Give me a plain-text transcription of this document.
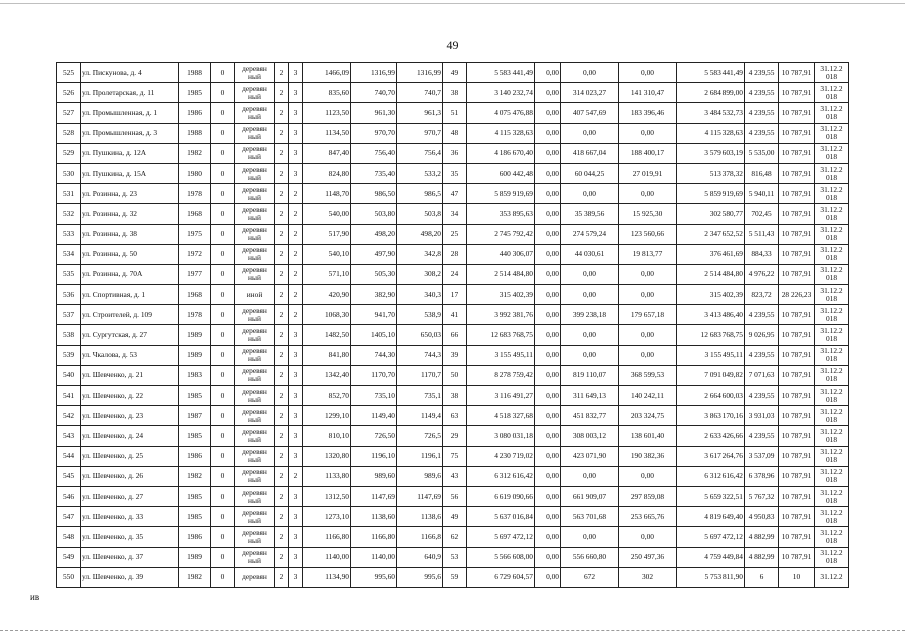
49
525	ул. Пискунова, д. 4	1988	0	деревян ный	2	3	1466,09	1316,99	1316,99	49	5 583 441,49	0,00	0,00	0,00	5 583 441,49	4 239,55	10 787,91	31.12.2 018
526	ул. Пролетарская, д. 11	1985	0	деревян ный	2	3	835,60	740,70	740,7	38	3 140 232,74	0,00	314 023,27	141 310,47	2 684 899,00	4 239,55	10 787,91	31.12.2 018
527	ул. Промышленная, д. 1	1986	0	деревян ный	2	3	1123,50	961,30	961,3	51	4 075 476,88	0,00	407 547,69	183 396,46	3 484 532,73	4 239,55	10 787,91	31.12.2 018
528	ул. Промышленная, д. 3	1988	0	деревян ный	2	3	1134,50	970,70	970,7	48	4 115 328,63	0,00	0,00	0,00	4 115 328,63	4 239,55	10 787,91	31.12.2 018
529	ул. Пушкина, д. 12А	1982	0	деревян ный	2	3	847,40	756,40	756,4	36	4 186 670,40	0,00	418 667,04	188 400,17	3 579 603,19	5 535,00	10 787,91	31.12.2 018
530	ул. Пушкина, д. 15А	1980	0	деревян ный	2	3	824,80	735,40	533,2	35	600 442,48	0,00	60 044,25	27 019,91	513 378,32	816,48	10 787,91	31.12.2 018
531	ул. Розинна, д. 23	1978	0	деревян ный	2	2	1148,70	986,50	986,5	47	5 859 919,69	0,00	0,00	0,00	5 859 919,69	5 940,11	10 787,91	31.12.2 018
532	ул. Розинна, д. 32	1968	0	деревян ный	2	2	540,00	503,80	503,8	34	353 895,63	0,00	35 389,56	15 925,30	302 580,77	702,45	10 787,91	31.12.2 018
533	ул. Розинна, д. 38	1975	0	деревян ный	2	2	517,90	498,20	498,20	25	2 745 792,42	0,00	274 579,24	123 560,66	2 347 652,52	5 511,43	10 787,91	31.12.2 018
534	ул. Розинна, д. 50	1972	0	деревян ный	2	2	540,10	497,90	342,8	28	440 306,07	0,00	44 030,61	19 813,77	376 461,69	884,33	10 787,91	31.12.2 018
535	ул. Розинна, д. 70А	1977	0	деревян ный	2	2	571,10	505,30	308,2	24	2 514 484,80	0,00	0,00	0,00	2 514 484,80	4 976,22	10 787,91	31.12.2 018
536	ул. Спортивная, д. 1	1968	0	иной	2	2	420,90	382,90	340,3	17	315 402,39	0,00	0,00	0,00	315 402,39	823,72	28 226,23	31.12.2 018
537	ул. Строителей, д. 109	1978	0	деревян ный	2	2	1068,30	941,70	538,9	41	3 992 381,76	0,00	399 238,18	179 657,18	3 413 486,40	4 239,55	10 787,91	31.12.2 018
538	ул. Сургутская, д. 27	1989	0	деревян ный	2	3	1482,50	1405,10	650,03	66	12 683 768,75	0,00	0,00	0,00	12 683 768,75	9 026,95	10 787,91	31.12.2 018
539	ул. Чкалова, д. 53	1989	0	деревян ный	2	3	841,80	744,30	744,3	39	3 155 495,11	0,00	0,00	0,00	3 155 495,11	4 239,55	10 787,91	31.12.2 018
540	ул. Шевченко, д. 21	1983	0	деревян ный	2	3	1342,40	1170,70	1170,7	50	8 278 759,42	0,00	819 110,07	368 599,53	7 091 049,82	7 071,63	10 787,91	31.12.2 018
541	ул. Шевченко, д. 22	1985	0	деревян ный	2	3	852,70	735,10	735,1	38	3 116 491,27	0,00	311 649,13	140 242,11	2 664 600,03	4 239,55	10 787,91	31.12.2 018
542	ул. Шевченко, д. 23	1987	0	деревян ный	2	3	1299,10	1149,40	1149,4	63	4 518 327,68	0,00	451 832,77	203 324,75	3 863 170,16	3 931,03	10 787,91	31.12.2 018
543	ул. Шевченко, д. 24	1985	0	деревян ный	2	3	810,10	726,50	726,5	29	3 080 031,18	0,00	308 003,12	138 601,40	2 633 426,66	4 239,55	10 787,91	31.12.2 018
544	ул. Шевченко, д. 25	1986	0	деревян ный	2	3	1320,80	1196,10	1196,1	75	4 230 719,02	0,00	423 071,90	190 382,36	3 617 264,76	3 537,09	10 787,91	31.12.2 018
545	ул. Шевченко, д. 26	1982	0	деревян ный	2	2	1133,80	989,60	989,6	43	6 312 616,42	0,00	0,00	0,00	6 312 616,42	6 378,96	10 787,91	31.12.2 018
546	ул. Шевченко, д. 27	1985	0	деревян ный	2	3	1312,50	1147,69	1147,69	56	6 619 090,66	0,00	661 909,07	297 859,08	5 659 322,51	5 767,32	10 787,91	31.12.2 018
547	ул. Шевченко, д. 33	1985	0	деревян ный	2	3	1273,10	1138,60	1138,6	49	5 637 016,84	0,00	563 701,68	253 665,76	4 819 649,40	4 950,83	10 787,91	31.12.2 018
548	ул. Шевченко, д. 35	1986	0	деревян ный	2	3	1166,80	1166,80	1166,8	62	5 697 472,12	0,00	0,00	0,00	5 697 472,12	4 882,99	10 787,91	31.12.2 018
549	ул. Шевченко, д. 37	1989	0	деревян ный	2	3	1140,00	1140,00	640,9	53	5 566 608,00	0,00	556 660,80	250 497,36	4 759 449,84	4 882,99	10 787,91	31.12.2 018
550	ул. Шевченко, д. 39	1982	0	деревян	2	3	1134,90	995,60	995,6	59	6 729 604,57	0,00	672	302	5 753 811,90	6	10	31.12.2
ив
